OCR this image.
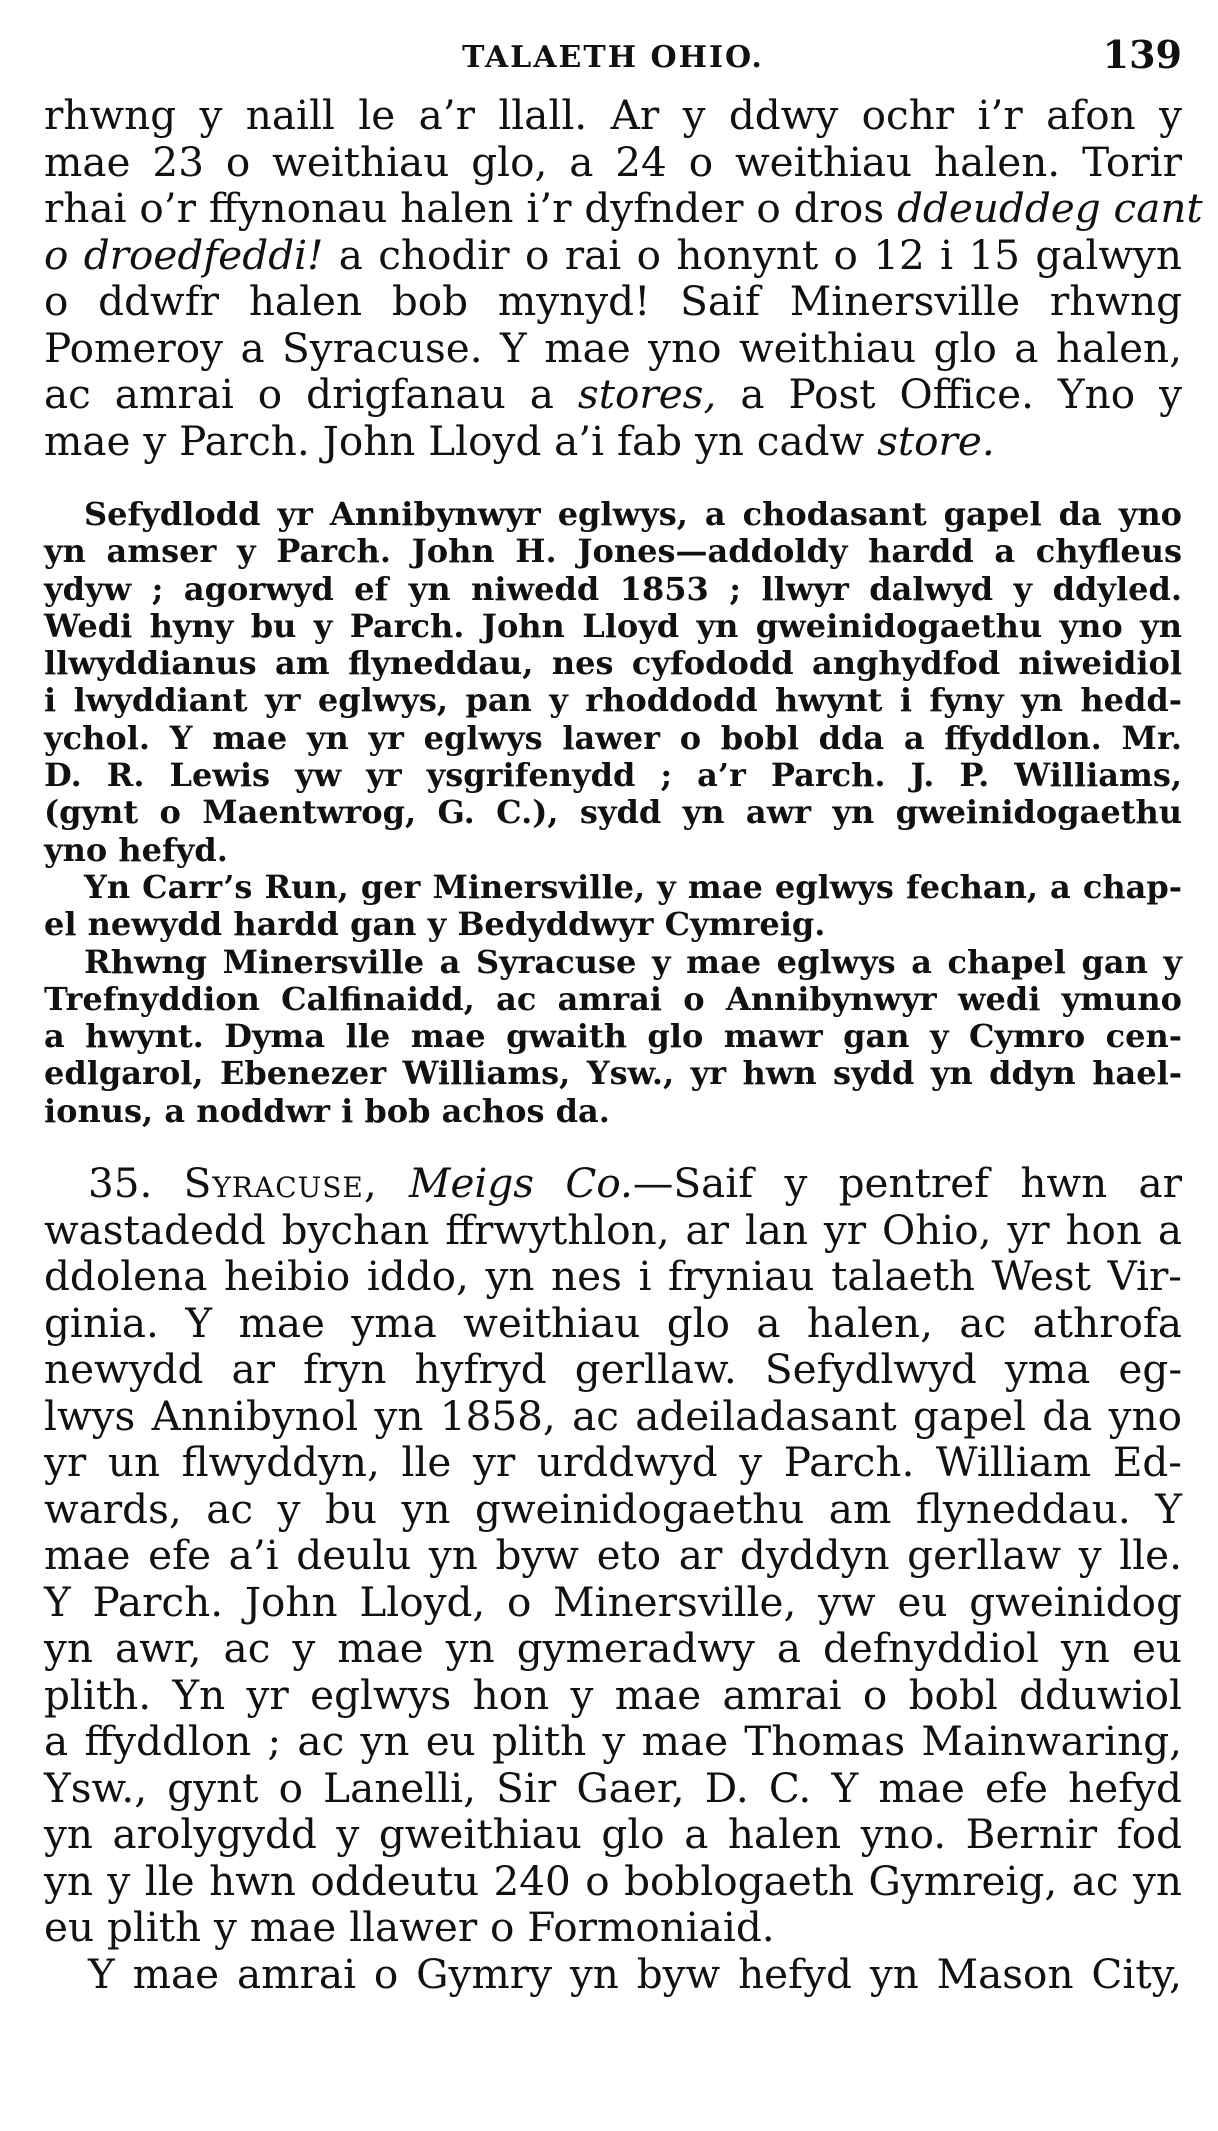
TALAETH OHIO.	139
rhwng y naill le a’r llall. Ar y ddwy ochr i’r afon y
mae 23 o weithiau glo, a 24 o weithiau halen. Torir
rhai o’r ffynonau halen i’r dyfnder o dros ddeuddeg cant
o droedfeddi! a chodir o rai o honynt o 12 i 15 galwyn
o ddwfr halen bob mynyd! Saif Minersville rhwng
Pomeroy a Syracuse. Y mae yno weithiau glo a halen,
ac amrai o drigfanau a stores, a Post Office. Yno y
mae y Parch. John Lloyd a’i fab yn cadw store.
Sefydlodd yr Annibynwyr eglwys, a chodasant gapel da yno
yn amser y Parch. John H. Jones—addoldy hardd a chyfleus
ydyw ; agorwyd ef yn niwedd 1853 ; llwyr dalwyd y ddyled.
Wedi hyny bu y Parch. John Lloyd yn gweinidogaethu yno yn
llwyddianus am flyneddau, nes cyfododd anghydfod niweidiol
i lwyddiant yr eglwys, pan y rhoddodd hwynt i fyny yn hedd-
ychol. Y mae yn yr eglwys lawer o bobl dda a ffyddlon. Mr.
D. R. Lewis yw yr ysgrifenydd ; a’r Parch. J. P. Williams,
(gynt o Maentwrog, G. C.), sydd yn awr yn gweinidogaethu
yno hefyd.
Yn Carr’s Run, ger Minersville, y mae eglwys fechan, a chap-
el newydd hardd gan y Bedyddwyr Cymreig.
Rhwng Minersville a Syracuse y mae eglwys a chapel gan y
Trefnyddion Calfinaidd, ac amrai o Annibynwyr wedi ymuno
a hwynt. Dyma lle mae gwaith glo mawr gan y Cymro cen-
edlgarol, Ebenezer Williams, Ysw., yr hwn sydd yn ddyn hael-
ionus, a noddwr i bob achos da.
35. Syracuse, Meigs Co.—Saif y pentref hwn ar
wastadedd bychan ffrwythlon, ar lan yr Ohio, yr hon a
ddolena heibio iddo, yn nes i fryniau talaeth West Vir-
ginia. Y mae yma weithiau glo a halen, ac athrofa
newydd ar fryn hyfryd gerllaw. Sefydlwyd yma eg-
lwys Annibynol yn 1858, ac adeiladasant gapel da yno
yr un flwyddyn, lle yr urddwyd y Parch. William Ed-
wards, ac y bu yn gweinidogaethu am flyneddau. Y
mae efe a’i deulu yn byw eto ar dyddyn gerllaw y lle.
Y Parch. John Lloyd, o Minersville, yw eu gweinidog
yn awr, ac y mae yn gymeradwy a defnyddiol yn eu
plith. Yn yr eglwys hon y mae amrai o bobl dduwiol
a ffyddlon ; ac yn eu plith y mae Thomas Mainwaring,
Ysw., gynt o Lanelli, Sir Gaer, D. C. Y mae efe hefyd
yn arolygydd y gweithiau glo a halen yno. Bernir fod
yn y lle hwn oddeutu 240 o boblogaeth Gymreig, ac yn
eu plith y mae llawer o Formoniaid.
Y mae amrai o Gymry yn byw hefyd yn Mason City,
